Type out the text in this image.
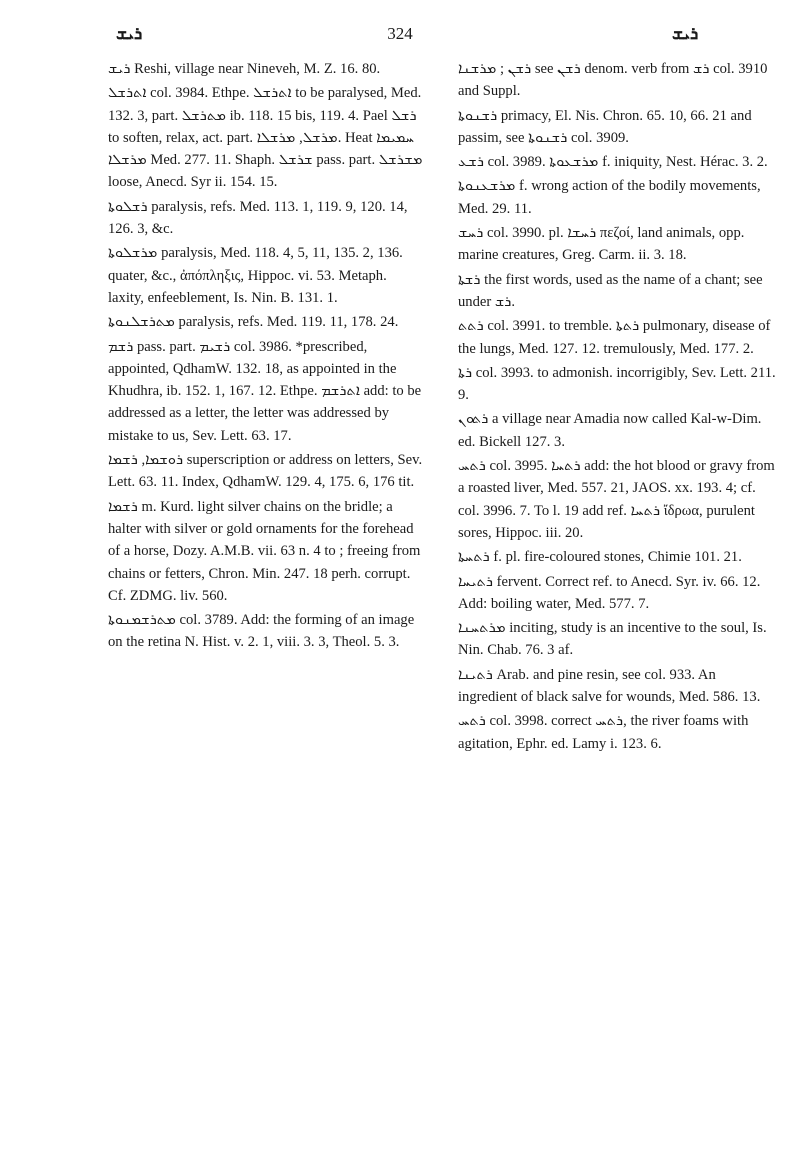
ܪܝܫ	324	ܪܝܫ

ܪܝܫ Reshi, village near Nineveh, M. Z. 16. 80.

ܐܬܪܫܠ col. 3984. Ethpe. ܐܬܪܫܠ to be paralysed, Med. 132. 3, part. ܡܬܪܫܠ ib. 118. 15 bis, 119. 4. Pael ܪܫܠ to soften, relax, act. part. ܡܪܫܠ, ܡܪܫܠܐ. Heat ܚܡܝܡܐ ܡܪܫܠܐ Med. 277. 11. Shaph. ܫܪܫܠ pass. part. ܡܫܪܫܠ loose, Anecd. Syr ii. 154. 15.

ܪܫܠܘܬܐ paralysis, refs. Med. 113. 1, 119. 9, 120. 14, 126. 3, &c.

ܡܪܫܠܘܬܐ paralysis, Med. 118. 4, 5, 11, 135. 2, 136. quater, &c., ἀπόπληξις, Hippoc. vi. 53. Metaph. laxity, enfeeblement, Is. Nin. B. 131. 1.

ܡܬܪܫܠܢܘܬܐ paralysis, refs. Med. 119. 11, 178. 24.

ܪܫܡ pass. part. ܪܫܝܡ col. 3986. *prescribed, appointed, QdhamW. 132. 18, as appointed in the Khudhra, ib. 152. 1, 167. 12. Ethpe. ܐܬܪܫܡ add: to be addressed as a letter, the letter was addressed by mistake to us, Sev. Lett. 63. 17.

ܪܘܫܡܐ, ܪܫܡܐ superscription or address on letters, Sev. Lett. 63. 11. Index, QdhamW. 129. 4, 175. 6, 176 tit.

ܪܫܡܐ m. Kurd. light silver chains on the bridle; a halter with silver or gold ornaments for the forehead of a horse, Dozy. A.M.B. vii. 63 n. 4 to ; freeing from chains or fetters, Chron. Min. 247. 18 perh. corrupt. Cf. ZDMG. liv. 560.

ܡܬܪܫܡܢܘܬܐ col. 3789. Add: the forming of an image on the retina N. Hist. v. 2. 1, viii. 3. 3, Theol. 5. 3.

ܪܫܢ ; ܡܪܫܢܐ see ܪܫܢ denom. verb from ܪܫ col. 3910 and Suppl.

ܪܫܢܘܬܐ primacy, El. Nis. Chron. 65. 10, 66. 21 and passim, see ܪܫܢܘܬܐ col. 3909.

ܪܫܥ col. 3989. ܡܪܫܥܘܬܐ f. iniquity, Nest. Hérac. 3. 2.

ܡܪܫܥܢܘܬܐ f. wrong action of the bodily movements, Med. 29. 11.

ܪܚܫ col. 3990. pl. ܪܚܫܐ πεζοί, land animals, opp. marine creatures, Greg. Carm. ii. 3. 18.

ܪܫܬܐ the first words, used as the name of a chant; see under ܪܫ.

ܪܬܬ col. 3991. to tremble. ܪܬܬܐ pulmonary, disease of the lungs, Med. 127. 12. tremulously, Med. 177. 2.

ܪܬܐ col. 3993. to admonish. incorrigibly, Sev. Lett. 211. 9.

ܪܬܘܢ a village near Amadia now called Kal-w-Dim. ed. Bickell 127. 3.

ܪܬܚ col. 3995. ܪܬܚܐ add: the hot blood or gravy from a roasted liver, Med. 557. 21, JAOS. xx. 193. 4; cf. col. 3996. 7. To l. 19 add ref. ܪܬܚܐ ἴδρωα, purulent sores, Hippoc. iii. 20.

ܪܬܚܬܐ f. pl. fire-coloured stones, Chimie 101. 21.

ܪܬܝܚܐ fervent. Correct ref. to Anecd. Syr. iv. 66. 12. Add: boiling water, Med. 577. 7.

ܡܪܬܚܢܐ inciting, study is an incentive to the soul, Is. Nin. Chab. 76. 3 af.

ܪܬܝܢܐ Arab. and pine resin, see col. 933. An ingredient of black salve for wounds, Med. 586. 13.

ܪܬܚ col. 3998. correct ܪܬܚ, the river foams with agitation, Ephr. ed. Lamy i. 123. 6.
